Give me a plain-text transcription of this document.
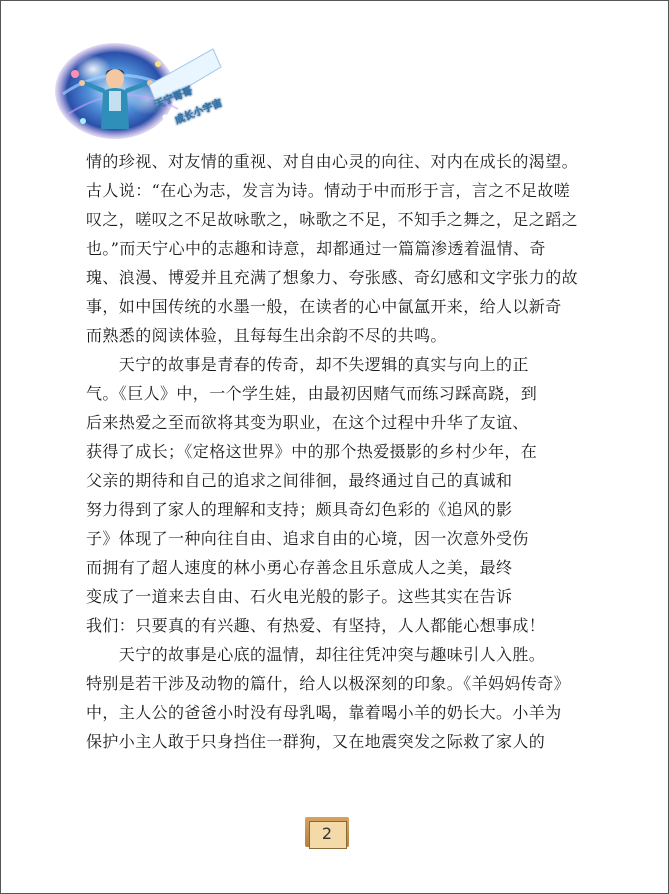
天宁哥哥
成长小宇宙
情的珍视、对友情的重视、对自由心灵的向往、对内在成长的渴望。
古人说：“在心为志，发言为诗。情动于中而形于言，言之不足故嗟
叹之，嗟叹之不足故咏歌之，咏歌之不足，不知手之舞之，足之蹈之
也。”而天宁心中的志趣和诗意，却都通过一篇篇渗透着温情、奇
瑰、浪漫、博爱并且充满了想象力、夸张感、奇幻感和文字张力的故
事，如中国传统的水墨一般，在读者的心中氤氲开来，给人以新奇
而熟悉的阅读体验，且每每生出余韵不尽的共鸣。
　　天宁的故事是青春的传奇，却不失逻辑的真实与向上的正
气。《巨人》中，一个学生娃，由最初因赌气而练习踩高跷，到
后来热爱之至而欲将其变为职业，在这个过程中升华了友谊、
获得了成长；《定格这世界》中的那个热爱摄影的乡村少年，在
父亲的期待和自己的追求之间徘徊，最终通过自己的真诚和
努力得到了家人的理解和支持；颇具奇幻色彩的《追风的影
子》体现了一种向往自由、追求自由的心境，因一次意外受伤
而拥有了超人速度的林小勇心存善念且乐意成人之美，最终
变成了一道来去自由、石火电光般的影子。这些其实在告诉
我们：只要真的有兴趣、有热爱、有坚持，人人都能心想事成！
　　天宁的故事是心底的温情，却往往凭冲突与趣味引人入胜。
特别是若干涉及动物的篇什，给人以极深刻的印象。《羊妈妈传奇》
中，主人公的爸爸小时没有母乳喝，靠着喝小羊的奶长大。小羊为
保护小主人敢于只身挡住一群狗，又在地震突发之际救了家人的
2
